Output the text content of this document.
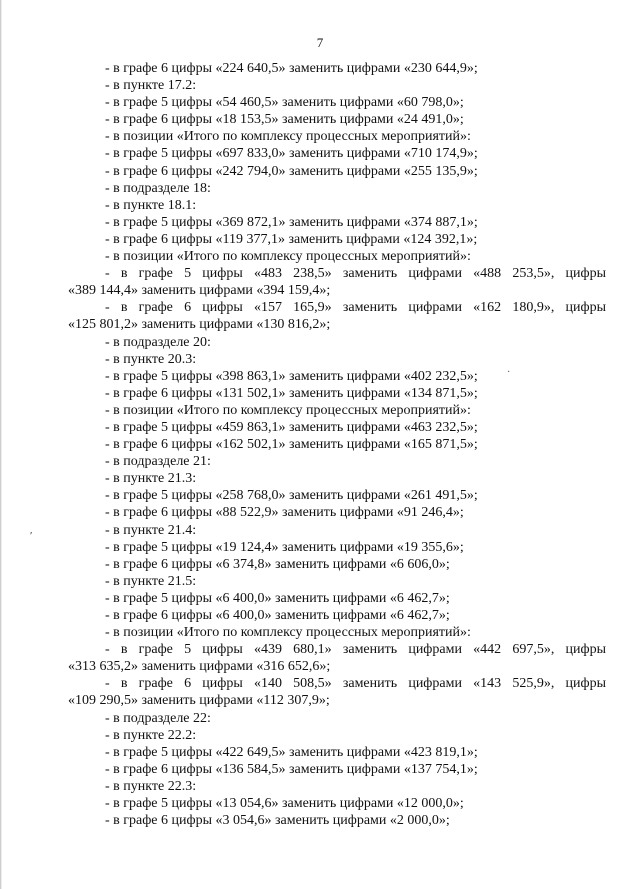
7
- в графе 6 цифры «224 640,5» заменить цифрами «230 644,9»;
- в пункте 17.2:
- в графе 5 цифры «54 460,5» заменить цифрами «60 798,0»;
- в графе 6 цифры «18 153,5» заменить цифрами «24 491,0»;
- в позиции «Итого по комплексу процессных мероприятий»:
- в графе 5 цифры «697 833,0» заменить цифрами «710 174,9»;
- в графе 6 цифры «242 794,0» заменить цифрами «255 135,9»;
- в подразделе 18:
- в пункте 18.1:
- в графе 5 цифры «369 872,1» заменить цифрами «374 887,1»;
- в графе 6 цифры «119 377,1» заменить цифрами «124 392,1»;
- в позиции «Итого по комплексу процессных мероприятий»:
- в графе 5 цифры «483 238,5» заменить цифрами «488 253,5», цифры
«389 144,4» заменить цифрами «394 159,4»;
- в графе 6 цифры «157 165,9» заменить цифрами «162 180,9», цифры
«125 801,2» заменить цифрами «130 816,2»;
- в подразделе 20:
- в пункте 20.3:
- в графе 5 цифры «398 863,1» заменить цифрами «402 232,5»;
- в графе 6 цифры «131 502,1» заменить цифрами «134 871,5»;
- в позиции «Итого по комплексу процессных мероприятий»:
- в графе 5 цифры «459 863,1» заменить цифрами «463 232,5»;
- в графе 6 цифры «162 502,1» заменить цифрами «165 871,5»;
- в подразделе 21:
- в пункте 21.3:
- в графе 5 цифры «258 768,0» заменить цифрами «261 491,5»;
- в графе 6 цифры «88 522,9» заменить цифрами «91 246,4»;
- в пункте 21.4:
- в графе 5 цифры «19 124,4» заменить цифрами «19 355,6»;
- в графе 6 цифры «6 374,8» заменить цифрами «6 606,0»;
- в пункте 21.5:
- в графе 5 цифры «6 400,0» заменить цифрами «6 462,7»;
- в графе 6 цифры «6 400,0» заменить цифрами «6 462,7»;
- в позиции «Итого по комплексу процессных мероприятий»:
- в графе 5 цифры «439 680,1» заменить цифрами «442 697,5», цифры
«313 635,2» заменить цифрами «316 652,6»;
- в графе 6 цифры «140 508,5» заменить цифрами «143 525,9», цифры
«109 290,5» заменить цифрами «112 307,9»;
- в подразделе 22:
- в пункте 22.2:
- в графе 5 цифры «422 649,5» заменить цифрами «423 819,1»;
- в графе 6 цифры «136 584,5» заменить цифрами «137 754,1»;
- в пункте 22.3:
- в графе 5 цифры «13 054,6» заменить цифрами «12 000,0»;
- в графе 6 цифры «3 054,6» заменить цифрами «2 000,0»;
′
·
